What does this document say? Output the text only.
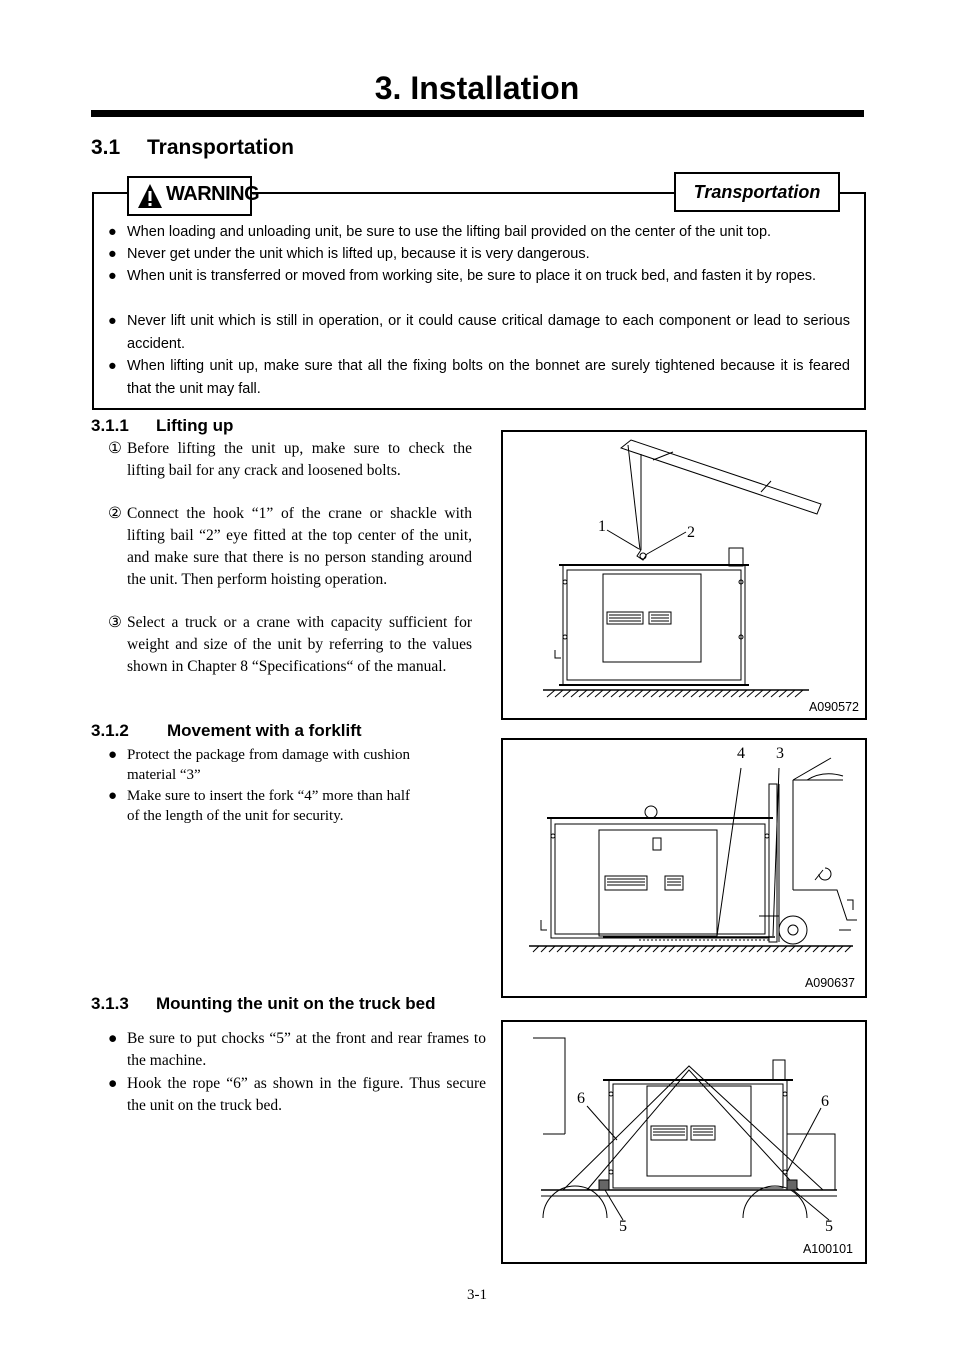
3. Installation
3.1 Transportation
WARNING	Transportation
● When loading and unloading unit, be sure to use the lifting bail provided on the center of the unit top.
● Never get under the unit which is lifted up, because it is very dangerous.
● When unit is transferred or moved from working site, be sure to place it on truck bed, and fasten it by ropes.
● Never lift unit which is still in operation, or it could cause critical damage to each component or lead to serious accident.
● When lifting unit up, make sure that all the fixing bolts on the bonnet are surely tightened because it is feared that the unit may fall.
3.1.1 Lifting up
① Before lifting the unit up, make sure to check the lifting bail for any crack and loosened bolts.
② Connect the hook “1” of the crane or shackle with lifting bail “2” eye fitted at the top center of the unit, and make sure that there is no person standing around the unit. Then perform hoisting operation.
③ Select a truck or a crane with capacity sufficient for weight and size of the unit by referring to the values shown in Chapter 8 “Specifications“ of the manual.
1	2
A090572
3.1.2 Movement with a forklift
● Protect the package from damage with cushion material “3”
● Make sure to insert the fork “4” more than half of the length of the unit for security.
4 3
A090637
3.1.3 Mounting the unit on the truck bed
● Be sure to put chocks “5” at the front and rear frames to the machine.
● Hook the rope “6” as shown in the figure. Thus secure the unit on the truck bed.	6	6
5	5
A100101
3-1
